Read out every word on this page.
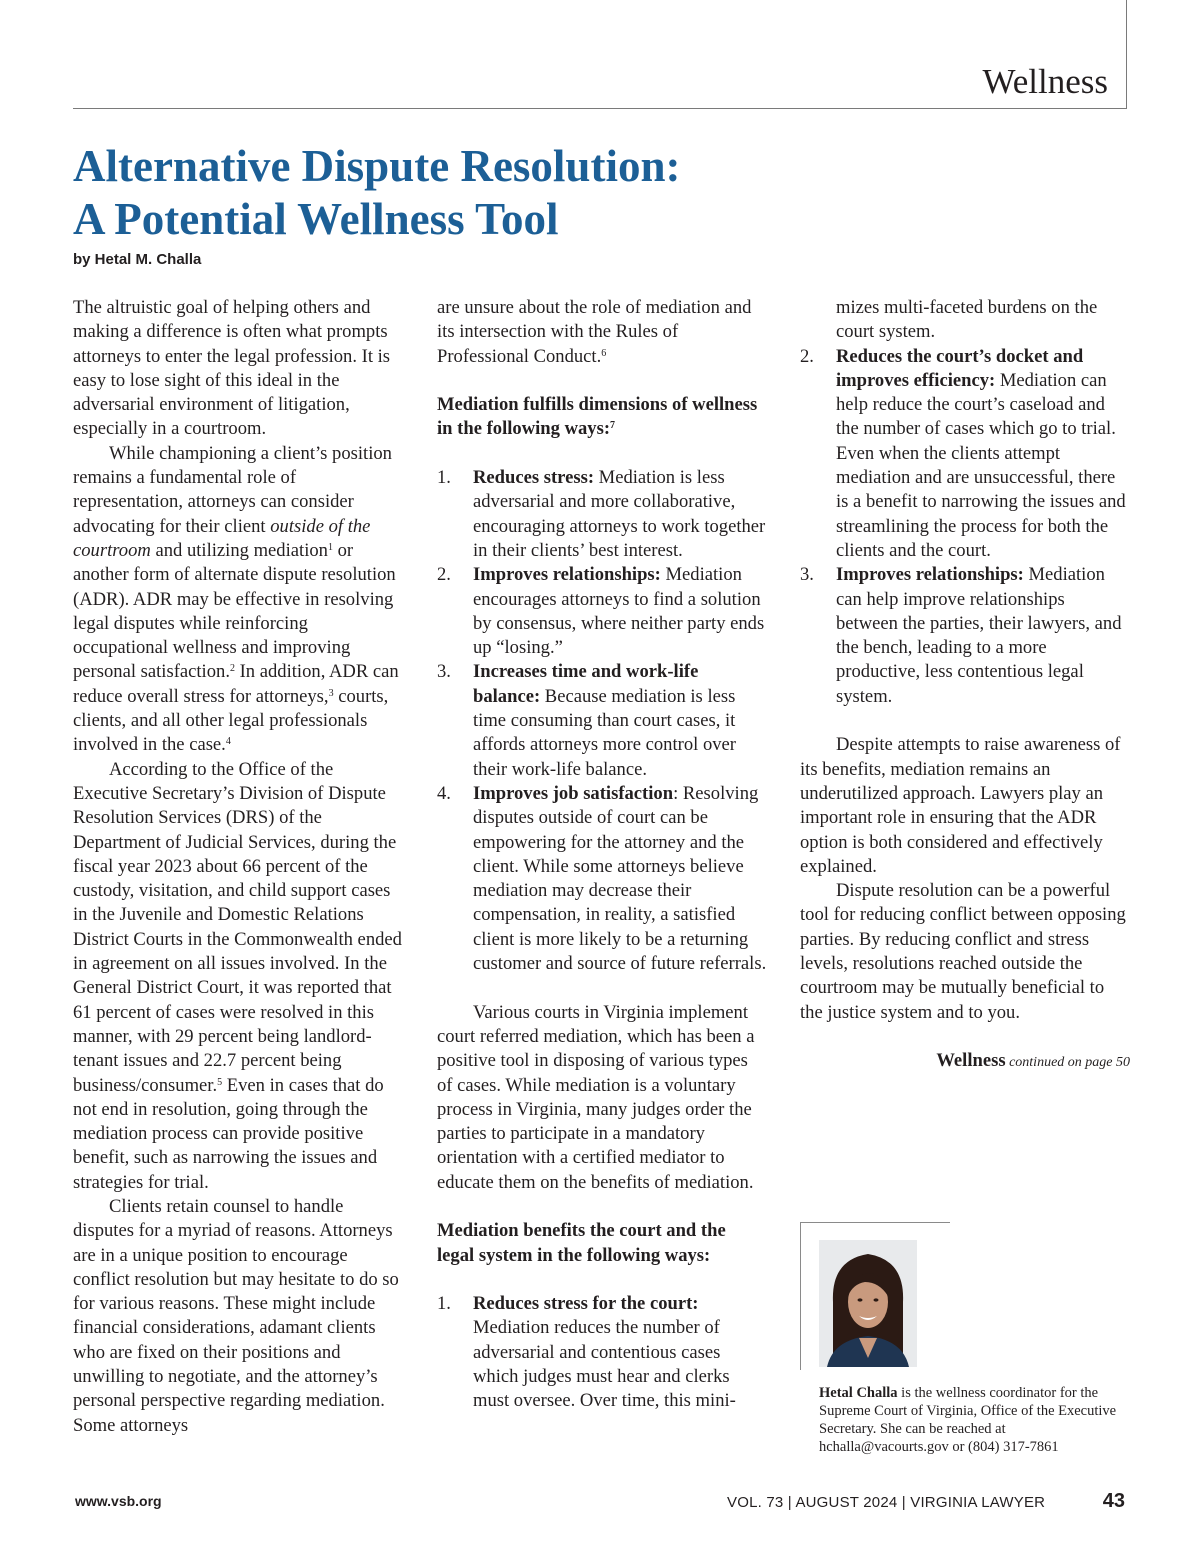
Wellness
Alternative Dispute Resolution:
A Potential Wellness Tool
by Hetal M. Challa

The altruistic goal of helping others and making a difference is often what prompts attorneys to enter the legal profession. It is easy to lose sight of this ideal in the adversarial environment of litigation, especially in a courtroom.

While championing a client’s position remains a fundamental role of representation, attorneys can consider advocating for their client outside of the courtroom and utilizing mediation$^1$ or another form of alternate dispute resolution (ADR). ADR may be effective in resolving legal disputes while reinforcing occupational wellness and improving personal satisfaction.$^2$ In addition, ADR can reduce overall stress for attorneys,$^3$ courts, clients, and all other legal professionals involved in the case.$^4$

According to the Office of the Executive Secretary’s Division of Dispute Resolution Services (DRS) of the Department of Judicial Services, during the fiscal year 2023 about 66 percent of the custody, visitation, and child support cases in the Juvenile and Domestic Relations District Courts in the Commonwealth ended in agreement on all issues involved. In the General District Court, it was reported that 61 percent of cases were resolved in this manner, with 29 percent being landlord-tenant issues and 22.7 percent being business/consumer.$^5$ Even in cases that do not end in resolution, going through the mediation process can provide positive benefit, such as narrowing the issues and strategies for trial.

Clients retain counsel to handle disputes for a myriad of reasons. Attorneys are in a unique position to encourage conflict resolution but may hesitate to do so for various reasons. These might include financial considerations, adamant clients who are fixed on their positions and unwilling to negotiate, and the attorney’s personal perspective regarding mediation. Some attorneys

are unsure about the role of mediation and its intersection with the Rules of Professional Conduct.$^6$

Mediation fulfills dimensions of wellness in the following ways:$^7$

1.	Reduces stress: Mediation is less adversarial and more collaborative, encouraging attorneys to work together in their clients’ best interest.
2.	Improves relationships: Mediation encourages attorneys to find a solution by consensus, where neither party ends up “losing.”
3.	Increases time and work-life balance: Because mediation is less time consuming than court cases, it affords attorneys more control over their work-life balance.
4.	Improves job satisfaction: Resolving disputes outside of court can be empowering for the attorney and the client. While some attorneys believe mediation may decrease their compensation, in reality, a satisfied client is more likely to be a returning customer and source of future referrals.

Various courts in Virginia implement court referred mediation, which has been a positive tool in disposing of various types of cases. While mediation is a voluntary process in Virginia, many judges order the parties to participate in a mandatory orientation with a certified mediator to educate them on the benefits of mediation.

Mediation benefits the court and the legal system in the following ways:

1.	Reduces stress for the court: Mediation reduces the number of adversarial and contentious cases which judges must hear and clerks must oversee. Over time, this mini-
mizes multi-faceted burdens on the court system.
2.	Reduces the court’s docket and improves efficiency: Mediation can help reduce the court’s caseload and the number of cases which go to trial. Even when the clients attempt mediation and are unsuccessful, there is a benefit to narrowing the issues and streamlining the process for both the clients and the court.
3.	Improves relationships: Mediation can help improve relationships between the parties, their lawyers, and the bench, leading to a more productive, less contentious legal system.

Despite attempts to raise awareness of its benefits, mediation remains an underutilized approach. Lawyers play an important role in ensuring that the ADR option is both considered and effectively explained.

Dispute resolution can be a powerful tool for reducing conflict between opposing parties. By reducing conflict and stress levels, resolutions reached outside the courtroom may be mutually beneficial to the justice system and to you.

Wellness continued on page 50

Hetal Challa is the wellness coordinator for the Supreme Court of Virginia, Office of the Executive Secretary. She can be reached at hchalla@vacourts.gov or (804) 317-7861
www.vsb.org	VOL. 73 | AUGUST 2024 | VIRGINIA LAWYER	43
